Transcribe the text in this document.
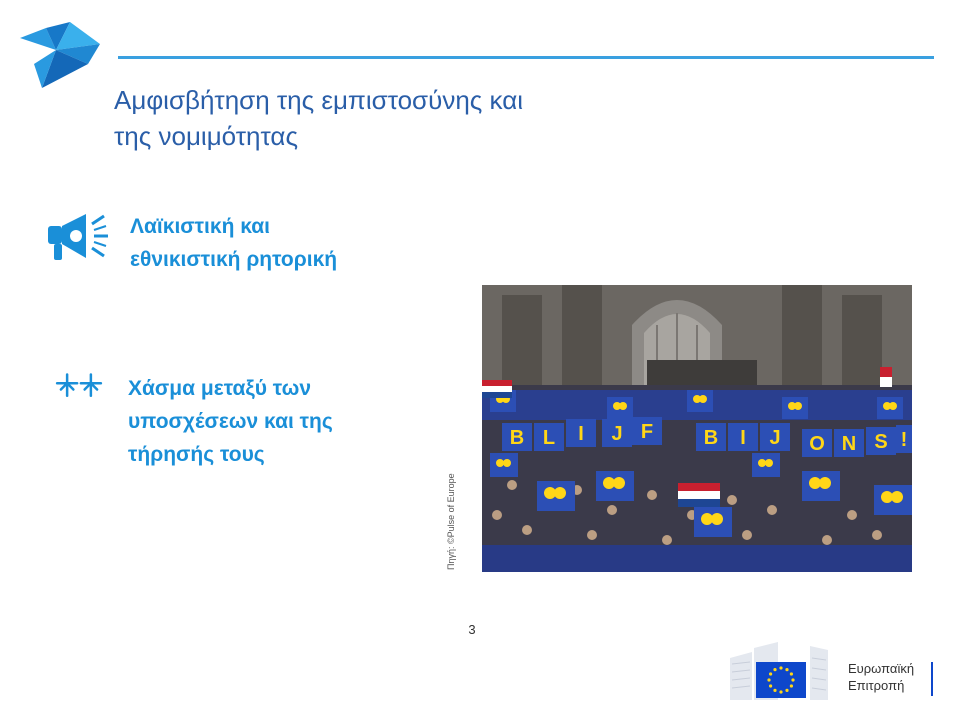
Αμφισβήτηση της εμπιστοσύνης και
της νομιμότητας
Λαϊκιστική και
εθνικιστική ρητορική
Χάσμα μεταξύ των
υποσχέσεων και της
τήρησής τους
Πηγή: ©Pulse of Europe
B L I J F	B I J O N S !
3
Ευρωπαϊκή
Επιτροπή
